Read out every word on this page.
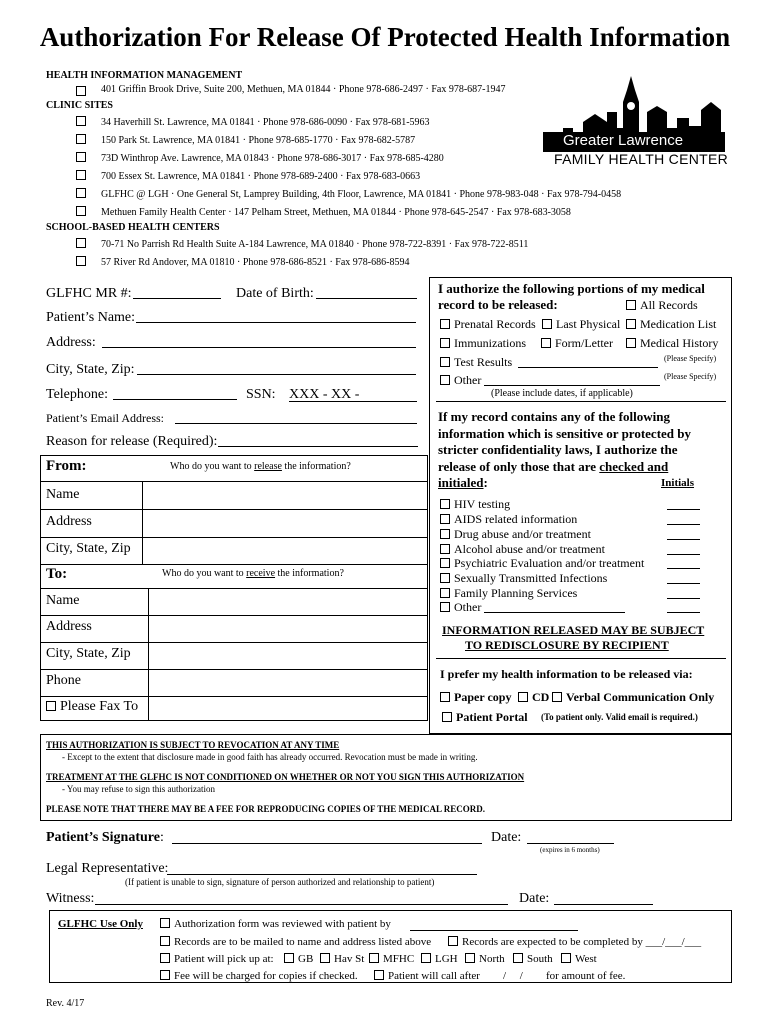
Authorization For Release Of Protected Health Information
HEALTH INFORMATION MANAGEMENT
401 Griffin Brook Drive, Suite 200, Methuen, MA 01844 · Phone 978-686-2497 · Fax 978-687-1947
CLINIC SITES
34 Haverhill St. Lawrence, MA 01841 · Phone 978-686-0090 · Fax 978-681-5963
150 Park St. Lawrence, MA 01841 · Phone 978-685-1770 · Fax 978-682-5787
73D Winthrop Ave. Lawrence, MA 01843 · Phone 978-686-3017 · Fax 978-685-4280
700 Essex St. Lawrence, MA 01841 · Phone 978-689-2400 · Fax 978-683-0663
GLFHC @ LGH · One General St, Lamprey Building, 4th Floor, Lawrence, MA 01841 · Phone 978-983-048 · Fax 978-794-0458
Methuen Family Health Center · 147 Pelham Street, Methuen, MA 01844 · Phone 978-645-2547 · Fax 978-683-3058
SCHOOL-BASED HEALTH CENTERS
70-71 No Parrish Rd Health Suite A-184 Lawrence, MA 01840 · Phone 978-722-8391 · Fax 978-722-8511
57 River Rd Andover, MA 01810 · Phone 978-686-8521 · Fax 978-686-8594
Greater Lawrence
FAMILY HEALTH CENTER
GLFHC MR #:	Date of Birth:
Patient’s Name:
Address:
City, State, Zip:
Telephone:	SSN: XXX - XX -
Patient’s Email Address:
Reason for release (Required):
From:	Who do you want to release the information?
Name
Address
City, State, Zip
To:	Who do you want to receive the information?
Name
Address
City, State, Zip
Phone
Please Fax To
I authorize the following portions of my medical
record to be released:	All Records
Prenatal Records	Last Physical	Medication List
Immunizations	Form/Letter	Medical History
Test Results	(Please Specify)
Other	(Please Specify)
(Please include dates, if applicable)
If my record contains any of the following
information which is sensitive or protected by
stricter confidentiality laws, I authorize the
release of only those that are checked and
initialed:	Initials
HIV testing
AIDS related information
Drug abuse and/or treatment
Alcohol abuse and/or treatment
Psychiatric Evaluation and/or treatment
Sexually Transmitted Infections
Family Planning Services
Other
INFORMATION RELEASED MAY BE SUBJECT
TO REDISCLOSURE BY RECIPIENT
I prefer my health information to be released via:
Paper copy	CD	Verbal Communication Only
Patient Portal (To patient only. Valid email is required.)
THIS AUTHORIZATION IS SUBJECT TO REVOCATION AT ANY TIME
- Except to the extent that disclosure made in good faith has already occurred. Revocation must be made in writing.
TREATMENT AT THE GLFHC IS NOT CONDITIONED ON WHETHER OR NOT YOU SIGN THIS AUTHORIZATION
- You may refuse to sign this authorization
PLEASE NOTE THAT THERE MAY BE A FEE FOR REPRODUCING COPIES OF THE MEDICAL RECORD.
Patient’s Signature:	Date:
(expires in 6 months)
Legal Representative:
(If patient is unable to sign, signature of person authorized and relationship to patient)
Witness:	Date:
GLFHC Use Only	Authorization form was reviewed with patient by
Records are to be mailed to name and address listed above	Records are expected to be completed by ___/___/___
Patient will pick up at:	GB	Hav St	MFHC	LGH	North	South	West
Fee will be charged for copies if checked.	Patient will call after /     / for amount of fee.
Rev. 4/17
